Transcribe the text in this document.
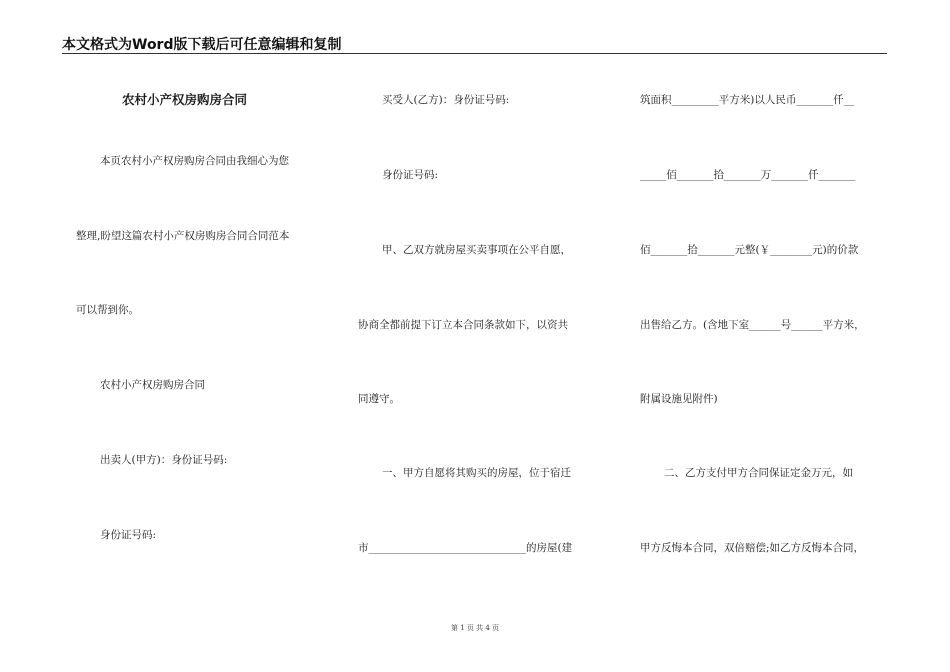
本文格式为Word版下载后可任意编辑和复制
农村小产权房购房合同
本页农村小产权房购房合同由我细心为您
整理,盼望这篇农村小产权房购房合同合同范本
可以帮到你。
农村小产权房购房合同
出卖人(甲方)：身份证号码:
身份证号码:
买受人(乙方)：身份证号码:
身份证号码:
甲、乙双方就房屋买卖事项在公平自愿，
协商全都前提下订立本合同条款如下，以资共
同遵守。
一、甲方自愿将其购买的房屋，位于宿迁
市______________________________的房屋(建
筑面积_________平方米)以人民币_______仟__
_____佰_______拾_______万_______仟_______
佰_______拾_______元整(￥________元)的价款
出售给乙方。(含地下室______号______平方米，
附属设施见附件)
二、乙方支付甲方合同保证定金万元，如
甲方反悔本合同，双倍赔偿;如乙方反悔本合同，
第 1 页 共 4 页
